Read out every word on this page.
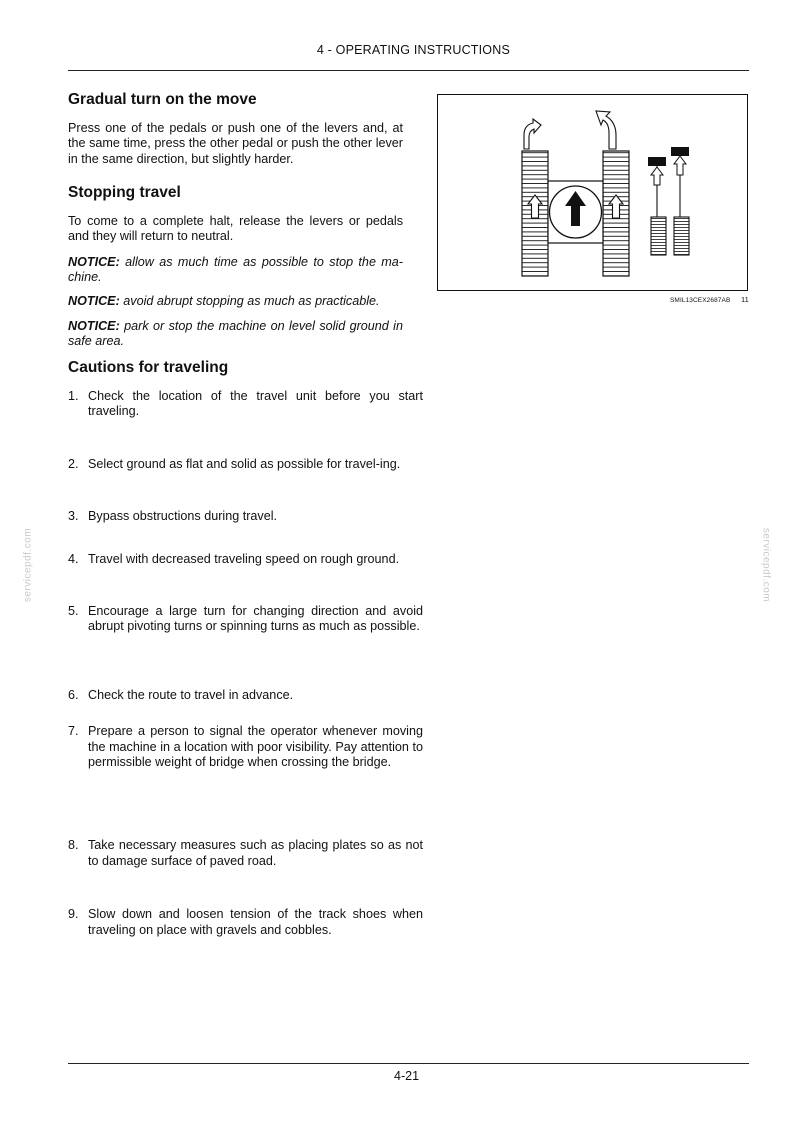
4 - OPERATING INSTRUCTIONS
Gradual turn on the move

Press one of the pedals or push one of the levers and, at the same time, press the other pedal or push the other lever in the same direction, but slightly harder.

Stopping travel

To come to a complete halt, release the levers or pedals and they will return to neutral.

NOTICE: allow as much time as possible to stop the ma-chine.

NOTICE: avoid abrupt stopping as much as practicable.

NOTICE: park or stop the machine on level solid ground in safe area.

Cautions for traveling
1. Check the location of the travel unit before you start traveling.
2. Select ground as flat and solid as possible for travel-ing.
3. Bypass obstructions during travel.
4. Travel with decreased traveling speed on rough ground.
5. Encourage a large turn for changing direction and avoid abrupt pivoting turns or spinning turns as much as possible.
6. Check the route to travel in advance.
7. Prepare a person to signal the operator whenever moving the machine in a location with poor visibility. Pay attention to permissible weight of bridge when crossing the bridge.
8. Take necessary measures such as placing plates so as not to damage surface of paved road.
9. Slow down and loosen tension of the track shoes when traveling on place with gravels and cobbles.
SMIL13CEX2687AB 11
servicepdf.com	servicepdf.com
4-21
